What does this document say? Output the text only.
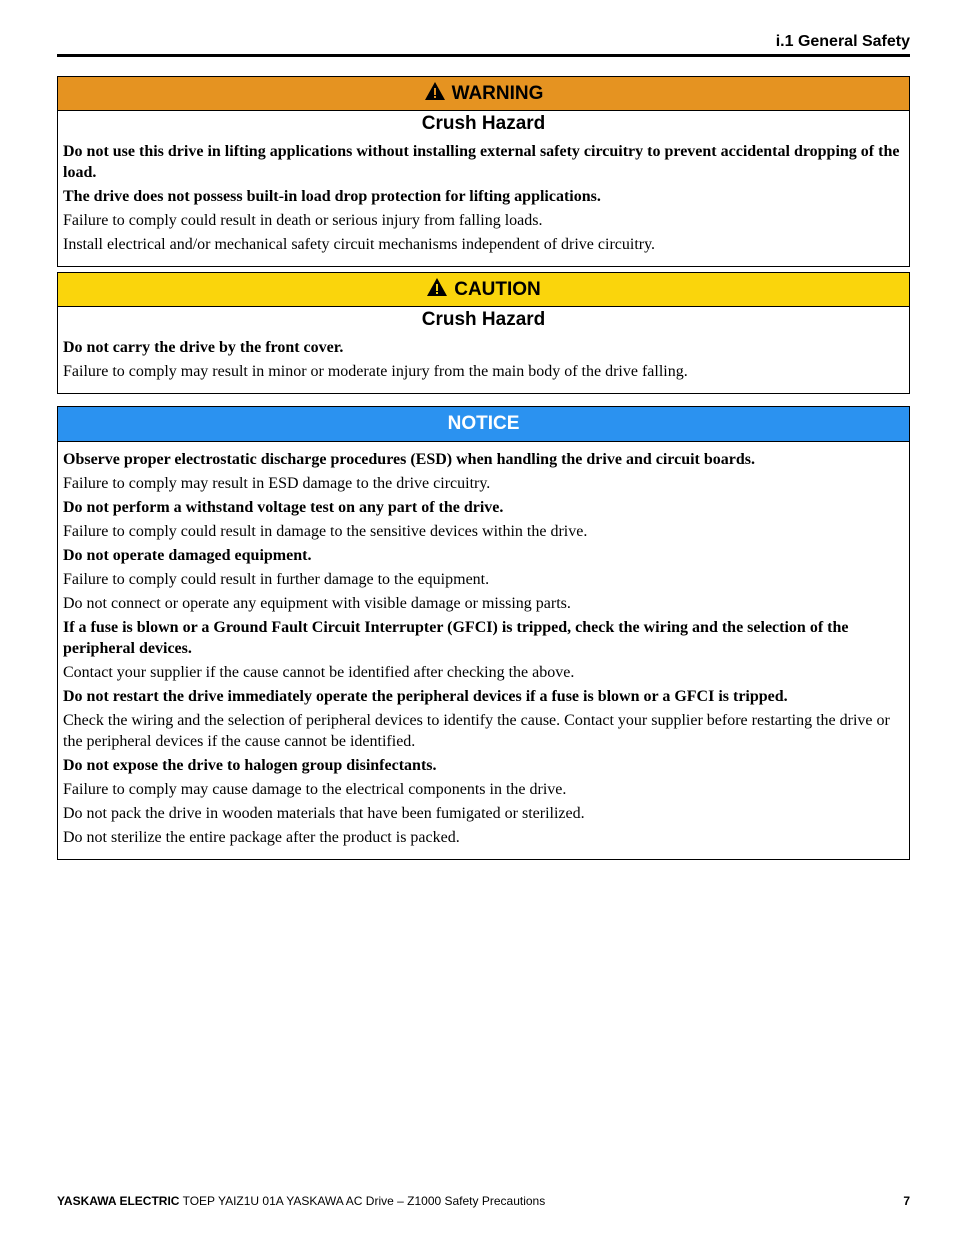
i.1 General Safety
WARNING
Crush Hazard
Do not use this drive in lifting applications without installing external safety circuitry to prevent accidental dropping of the load.
The drive does not possess built-in load drop protection for lifting applications.
Failure to comply could result in death or serious injury from falling loads.
Install electrical and/or mechanical safety circuit mechanisms independent of drive circuitry.
CAUTION
Crush Hazard
Do not carry the drive by the front cover.
Failure to comply may result in minor or moderate injury from the main body of the drive falling.
NOTICE
Observe proper electrostatic discharge procedures (ESD) when handling the drive and circuit boards.
Failure to comply may result in ESD damage to the drive circuitry.
Do not perform a withstand voltage test on any part of the drive.
Failure to comply could result in damage to the sensitive devices within the drive.
Do not operate damaged equipment.
Failure to comply could result in further damage to the equipment.
Do not connect or operate any equipment with visible damage or missing parts.
If a fuse is blown or a Ground Fault Circuit Interrupter (GFCI) is tripped, check the wiring and the selection of the peripheral devices.
Contact your supplier if the cause cannot be identified after checking the above.
Do not restart the drive immediately operate the peripheral devices if a fuse is blown or a GFCI is tripped.
Check the wiring and the selection of peripheral devices to identify the cause. Contact your supplier before restarting the drive or the peripheral devices if the cause cannot be identified.
Do not expose the drive to halogen group disinfectants.
Failure to comply may cause damage to the electrical components in the drive.
Do not pack the drive in wooden materials that have been fumigated or sterilized.
Do not sterilize the entire package after the product is packed.
YASKAWA ELECTRIC TOEP YAIZ1U 01A YASKAWA AC Drive – Z1000 Safety Precautions	7
